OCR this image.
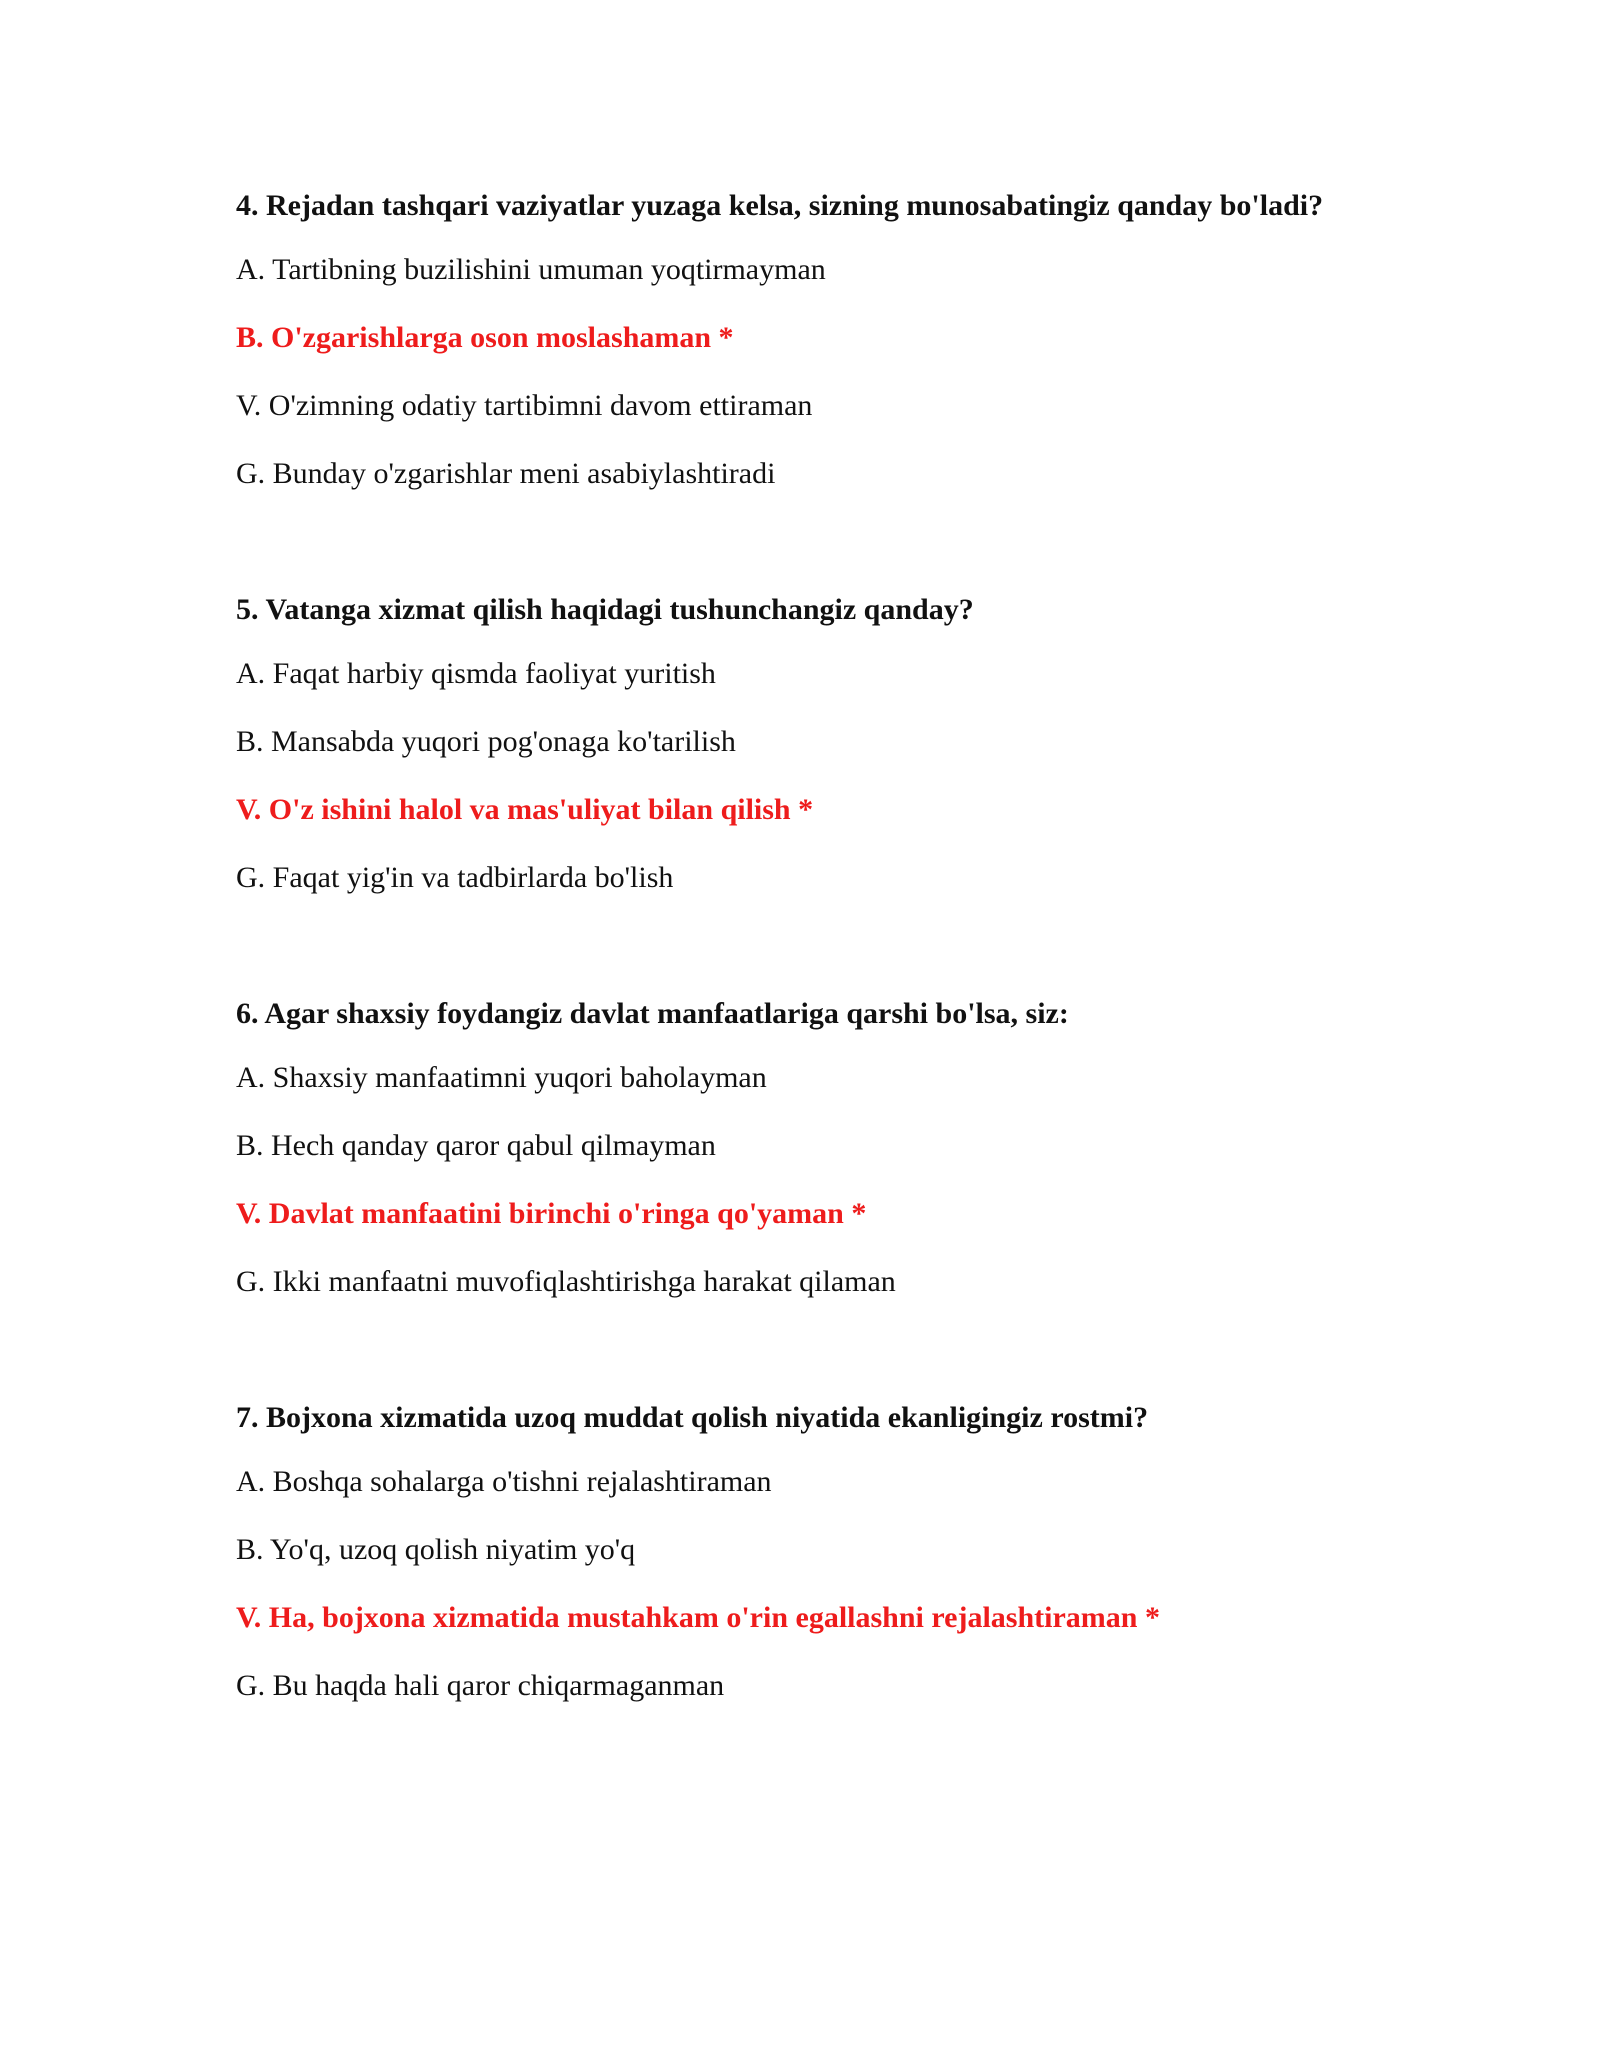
4. Rejadan tashqari vaziyatlar yuzaga kelsa, sizning munosabatingiz qanday bo'ladi?

A. Tartibning buzilishini umuman yoqtirmayman

B. O'zgarishlarga oson moslashaman *

V. O'zimning odatiy tartibimni davom ettiraman

G. Bunday o'zgarishlar meni asabiylashtiradi

5. Vatanga xizmat qilish haqidagi tushunchangiz qanday?

A. Faqat harbiy qismda faoliyat yuritish

B. Mansabda yuqori pog'onaga ko'tarilish

V. O'z ishini halol va mas'uliyat bilan qilish *

G. Faqat yig'in va tadbirlarda bo'lish

6. Agar shaxsiy foydangiz davlat manfaatlariga qarshi bo'lsa, siz:

A. Shaxsiy manfaatimni yuqori baholayman

B. Hech qanday qaror qabul qilmayman

V. Davlat manfaatini birinchi o'ringa qo'yaman *

G. Ikki manfaatni muvofiqlashtirishga harakat qilaman

7. Bojxona xizmatida uzoq muddat qolish niyatida ekanligingiz rostmi?

A. Boshqa sohalarga o'tishni rejalashtiraman

B. Yo'q, uzoq qolish niyatim yo'q

V. Ha, bojxona xizmatida mustahkam o'rin egallashni rejalashtiraman *

G. Bu haqda hali qaror chiqarmaganman
